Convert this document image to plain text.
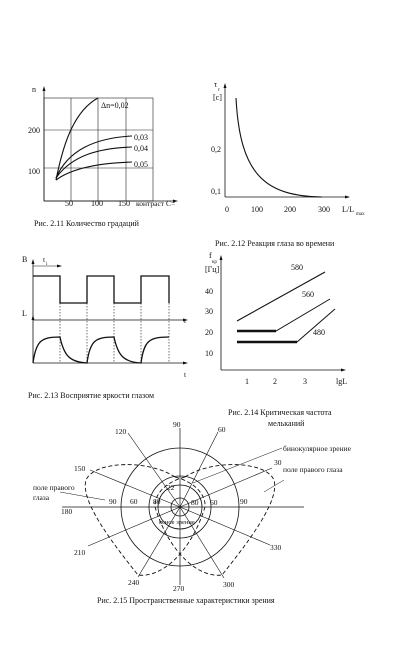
n
200
100
50 100 150 контраст С=
Δn=0,02
0,03
0,04
0,05
Рис. 2.11 Количество градаций
τ
г
[c]
0,2
0,1
0	100	200	300 L/L
max
Рис. 2.12 Реакция глаза во времени
B t
i
L
t
t
Рис. 2.13 Восприятие яркости глазом
f
кр
[Гц]
40
30
20
10
1	2	3	lgL
580
560
480
Рис. 2.14 Критическая частота
мельканий
90
60
30
120
150
180
210
240
270	300
330
22
80
90 60	60
80	90
бинокулярное зрение
поле правого глаза
поле правого
глаза
ясное зрение
Рис. 2.15 Пространственные характеристики зрения
